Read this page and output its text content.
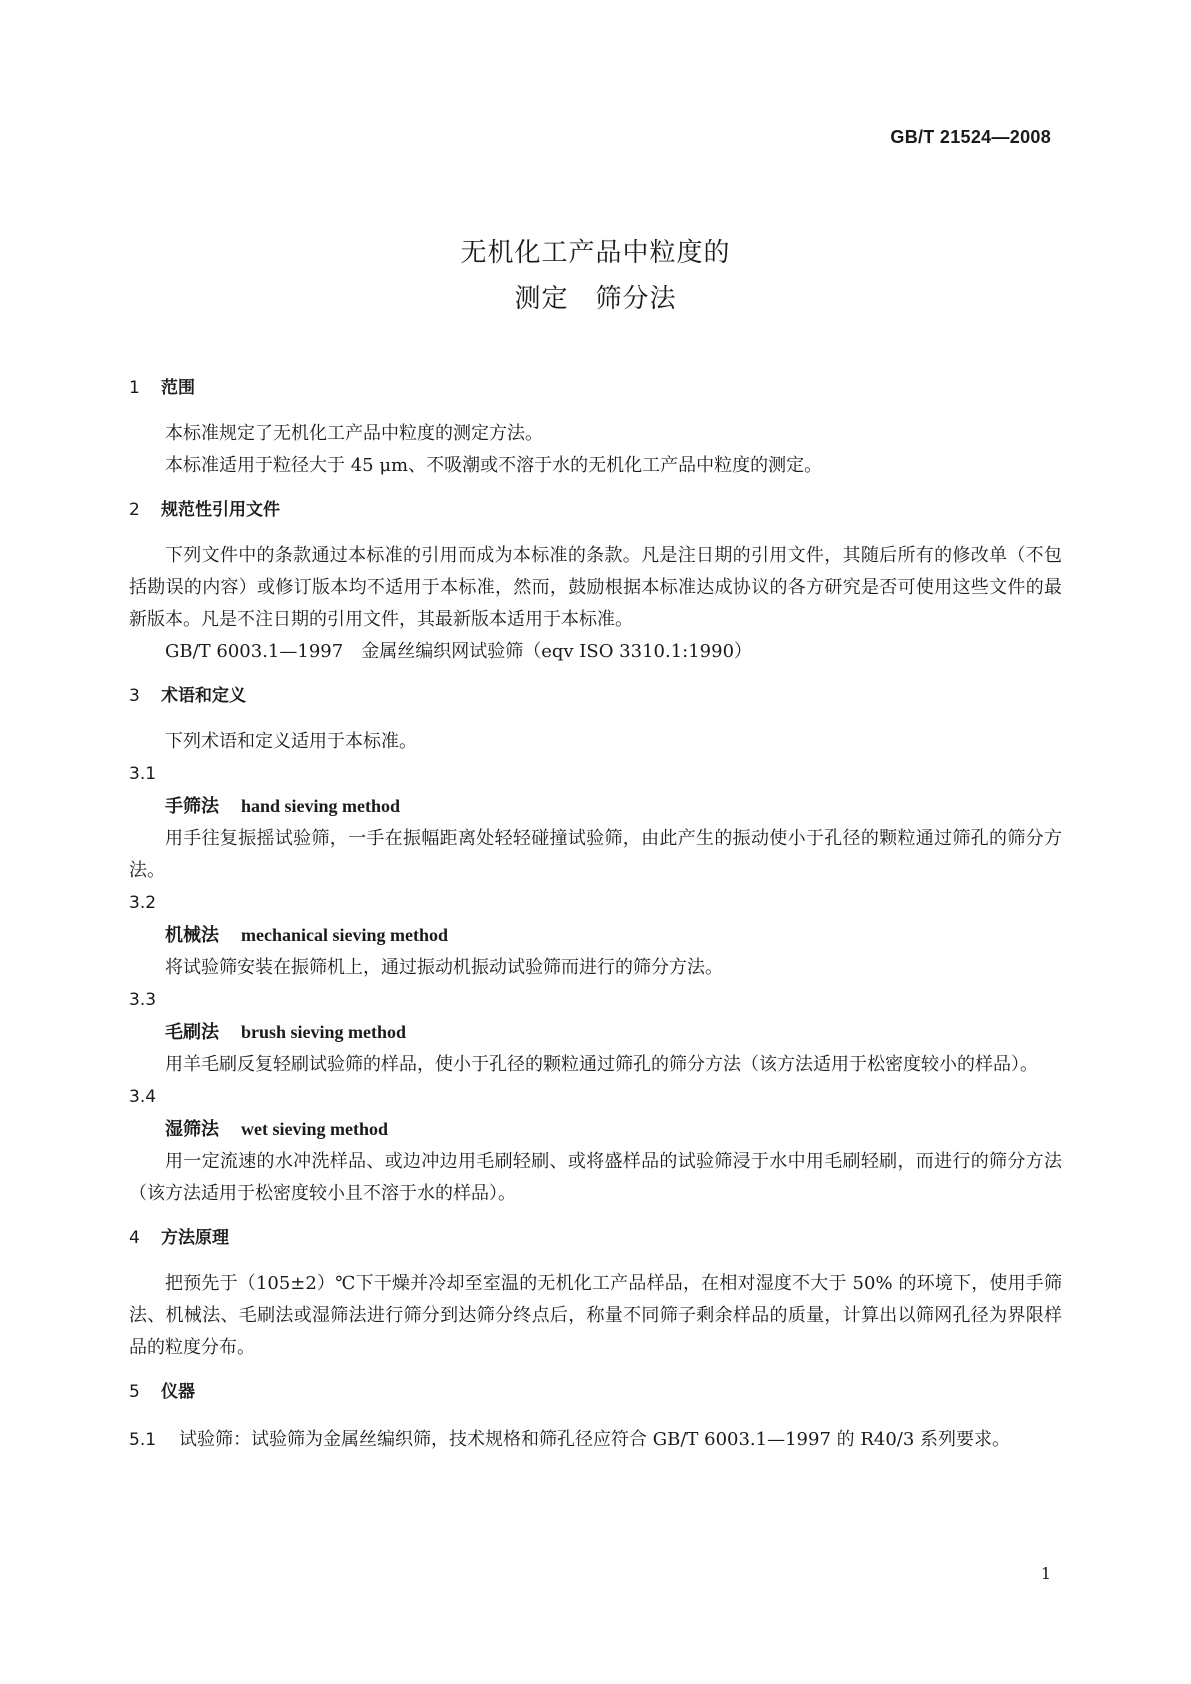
GB/T 21524—2008
无机化工产品中粒度的
测定　筛分法
1 范围

本标准规定了无机化工产品中粒度的测定方法。

本标准适用于粒径大于 45 μm、不吸潮或不溶于水的无机化工产品中粒度的测定。

2 规范性引用文件

下列文件中的条款通过本标准的引用而成为本标准的条款。凡是注日期的引用文件，其随后所有的修改单（不包括勘误的内容）或修订版本均不适用于本标准，然而，鼓励根据本标准达成协议的各方研究是否可使用这些文件的最新版本。凡是不注日期的引用文件，其最新版本适用于本标准。

GB/T 6003.1—1997　金属丝编织网试验筛（eqv ISO 3310.1:1990）
3 术语和定义

下列术语和定义适用于本标准。

3.1
手筛法 hand sieving method

用手往复振摇试验筛，一手在振幅距离处轻轻碰撞试验筛，由此产生的振动使小于孔径的颗粒通过筛孔的筛分方法。

3.2
机械法 mechanical sieving method

将试验筛安装在振筛机上，通过振动机振动试验筛而进行的筛分方法。

3.3
毛刷法 brush sieving method

用羊毛刷反复轻刷试验筛的样品，使小于孔径的颗粒通过筛孔的筛分方法（该方法适用于松密度较小的样品）。

3.4
湿筛法 wet sieving method

用一定流速的水冲洗样品、或边冲边用毛刷轻刷、或将盛样品的试验筛浸于水中用毛刷轻刷，而进行的筛分方法（该方法适用于松密度较小且不溶于水的样品）。

4 方法原理

把预先于（105±2）℃下干燥并冷却至室温的无机化工产品样品，在相对湿度不大于 50% 的环境下，使用手筛法、机械法、毛刷法或湿筛法进行筛分到达筛分终点后，称量不同筛子剩余样品的质量，计算出以筛网孔径为界限样品的粒度分布。

5 仪器
5.1 试验筛：试验筛为金属丝编织筛，技术规格和筛孔径应符合 GB/T 6003.1—1997 的 R40/3 系列要求。
1
